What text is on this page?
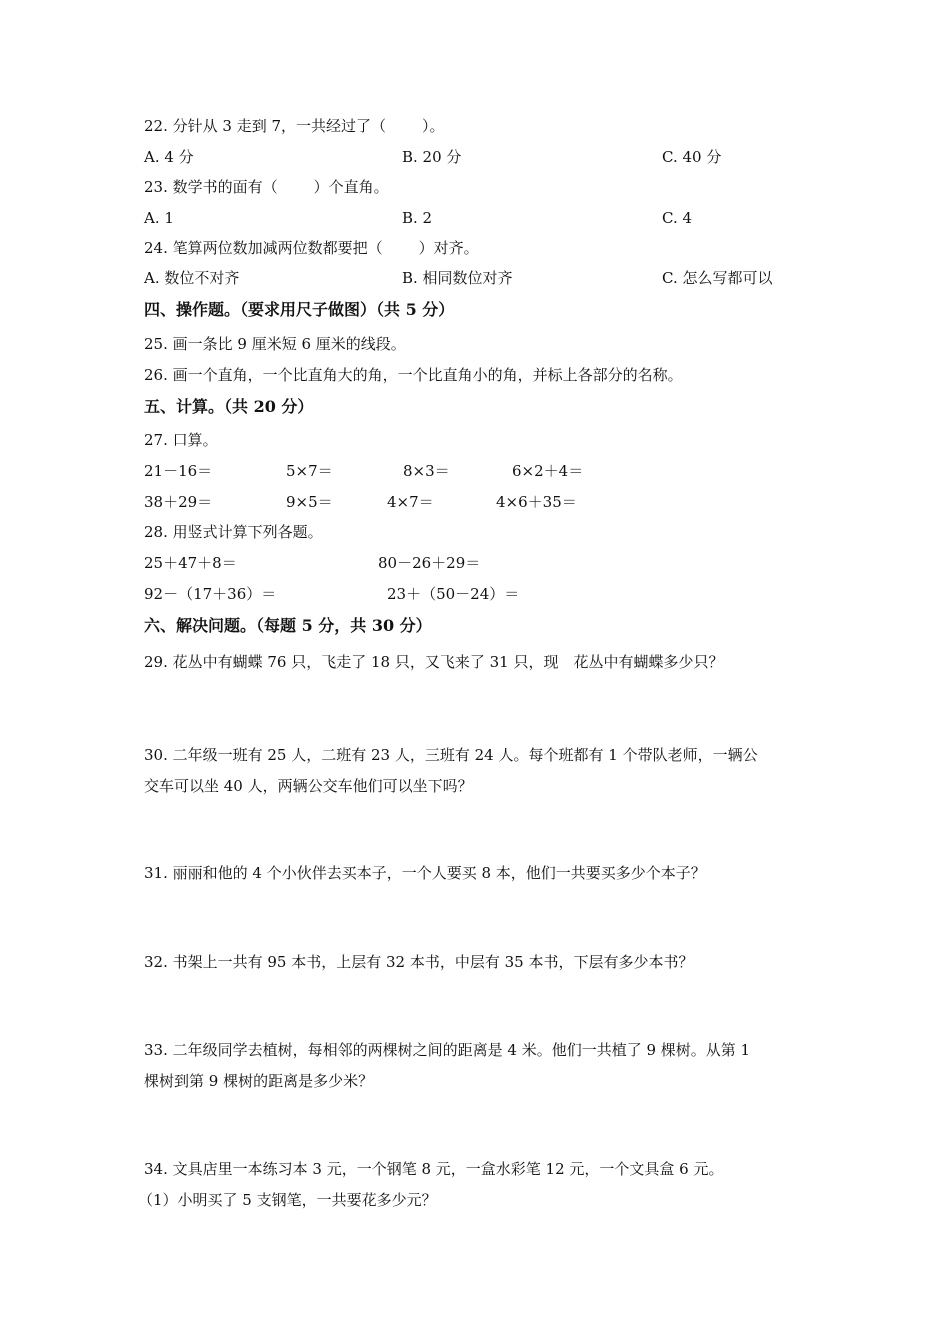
22. 分针从 3 走到 7，一共经过了（ ）。
A. 4 分	B. 20 分	C. 40 分
23. 数学书的面有（ ）个直角。
A. 1	B. 2	C. 4
24. 笔算两位数加减两位数都要把（ ）对齐。
A. 数位不对齐	B. 相同数位对齐	C. 怎么写都可以
四、操作题。（要求用尺子做图）（共 5 分）
25. 画一条比 9 厘米短 6 厘米的线段。
26. 画一个直角，一个比直角大的角，一个比直角小的角，并标上各部分的名称。
五、计算。（共 20 分）
27. 口算。
21－16＝	5×7＝	8×3＝	6×2＋4＝
38＋29＝	9×5＝	4×7＝	4×6＋35＝
28. 用竖式计算下列各题。
25＋47＋8＝	80－26＋29＝
92－（17＋36）＝	23＋（50－24）＝
六、解决问题。（每题 5 分，共 30 分）
29. 花丛中有蝴蝶 76 只，飞走了 18 只，又飞来了 31 只，现　花丛中有蝴蝶多少只？
30. 二年级一班有 25 人，二班有 23 人，三班有 24 人。每个班都有 1 个带队老师，一辆公
交车可以坐 40 人，两辆公交车他们可以坐下吗？
31. 丽丽和他的 4 个小伙伴去买本子，一个人要买 8 本，他们一共要买多少个本子？
32. 书架上一共有 95 本书，上层有 32 本书，中层有 35 本书，下层有多少本书？
33. 二年级同学去植树，每相邻的两棵树之间的距离是 4 米。他们一共植了 9 棵树。从第 1
棵树到第 9 棵树的距离是多少米？
34. 文具店里一本练习本 3 元，一个钢笔 8 元，一盒水彩笔 12 元，一个文具盒 6 元。
（1）小明买了 5 支钢笔，一共要花多少元？
